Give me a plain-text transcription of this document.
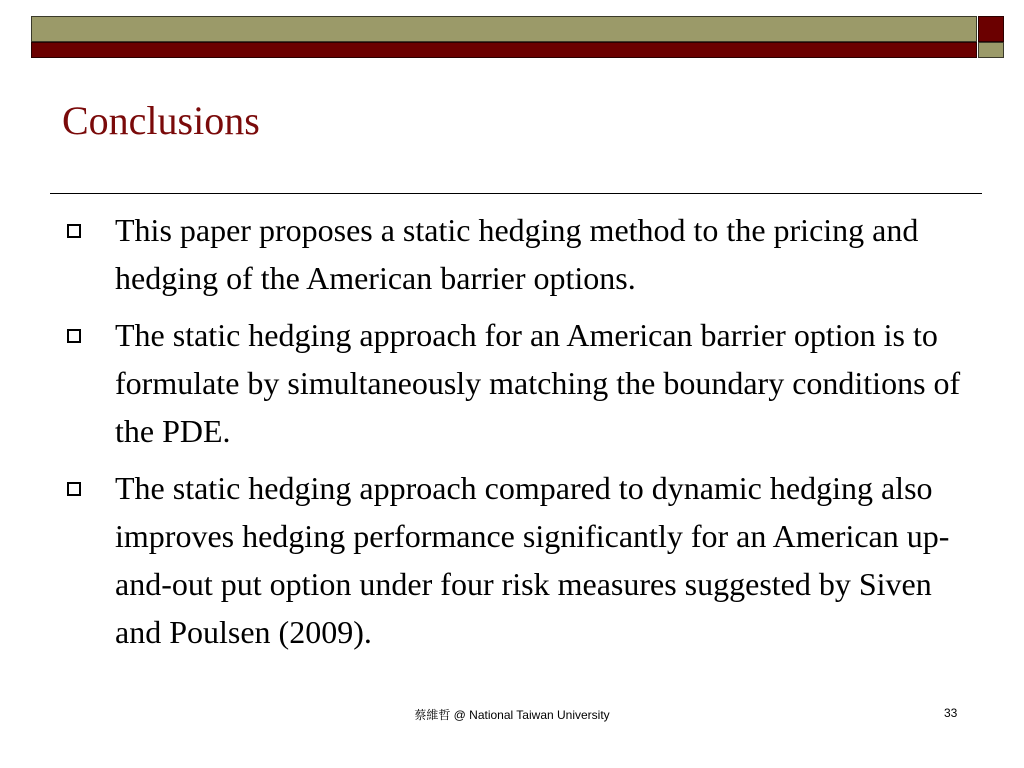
Conclusions
This paper proposes a static hedging method to the pricing and hedging of the American barrier options.
The static hedging approach for an American barrier option is to formulate by simultaneously matching the boundary conditions of the PDE.
The static hedging approach compared to dynamic hedging also improves hedging performance significantly for an American up-and-out put option under four risk measures suggested by Siven and Poulsen (2009).
蔡維哲 @ National Taiwan University	33
